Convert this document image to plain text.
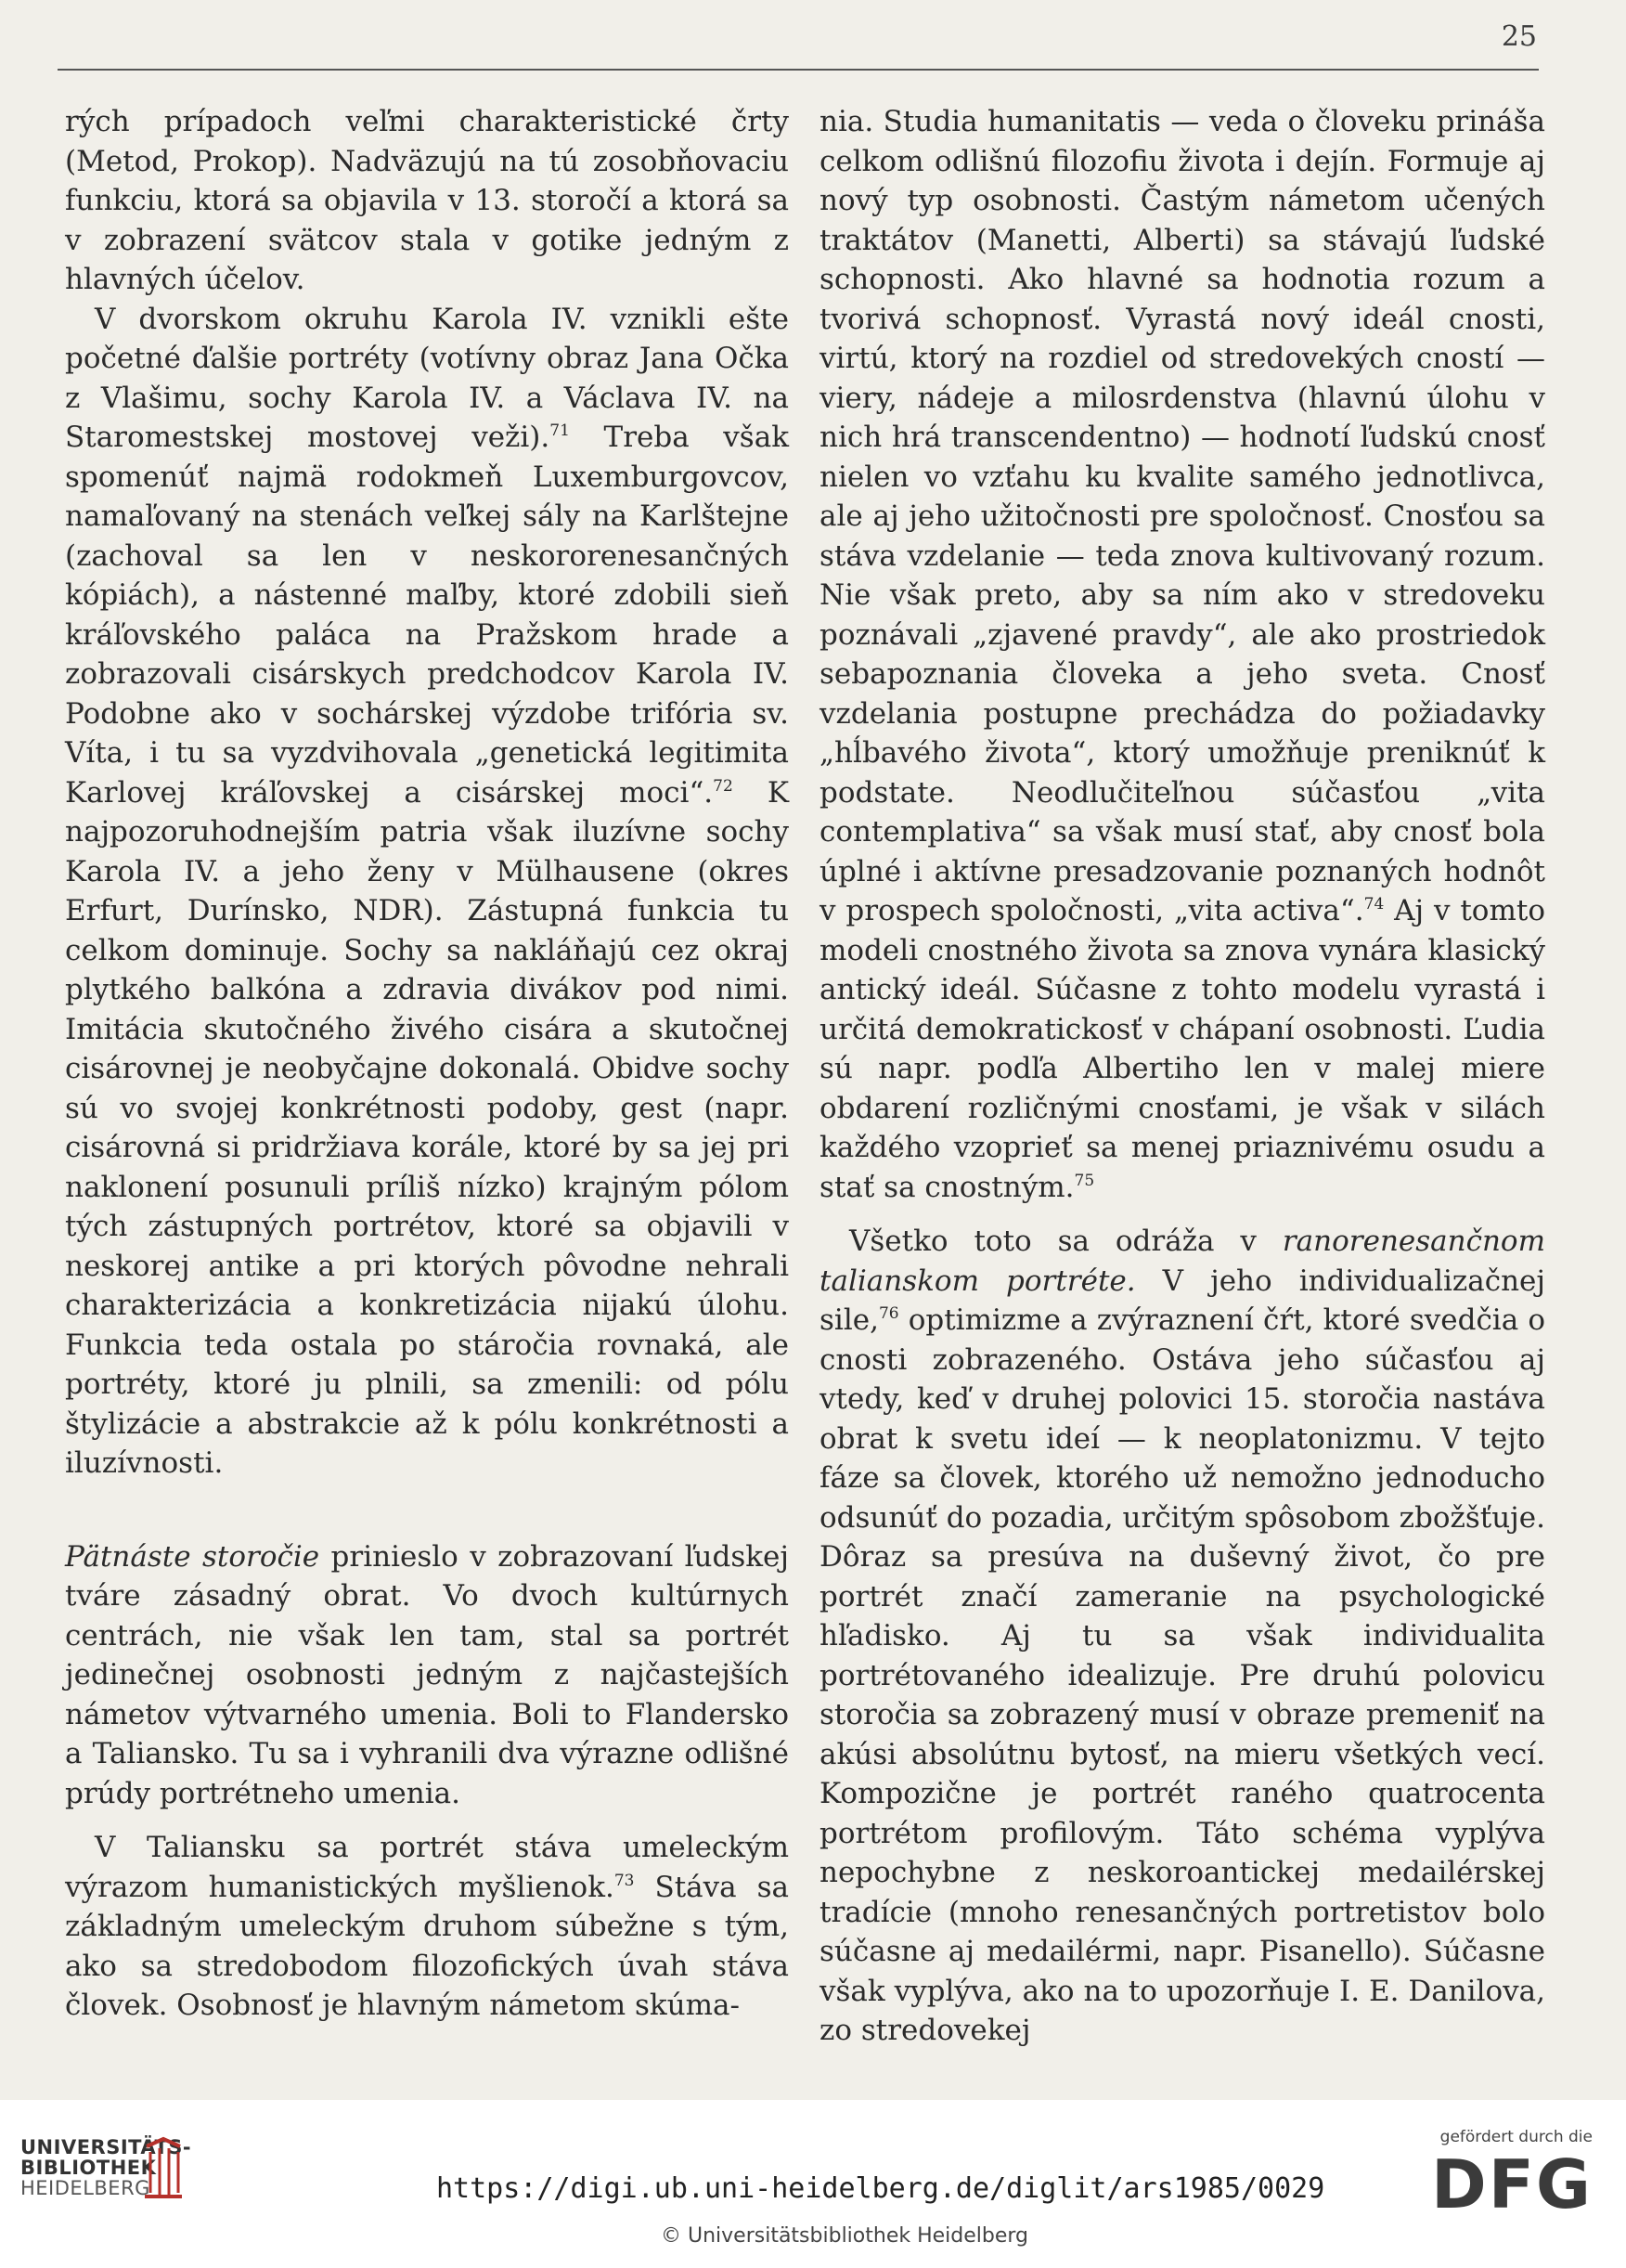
25

rých prípadoch veľmi charakteristické črty (Metod, Prokop). Nadväzujú na tú zosobňovaciu funkciu, ktorá sa objavila v 13. storočí a ktorá sa v zobrazení svätcov stala v gotike jedným z hlavných účelov.

V dvorskom okruhu Karola IV. vznikli ešte početné ďalšie portréty (votívny obraz Jana Očka z Vlašimu, sochy Karola IV. a Václava IV. na Staromestskej mostovej veži).$^{71}$ Treba však spomenúť najmä rodokmeň Luxemburgovcov, namaľovaný na stenách veľkej sály na Karlštejne (zachoval sa len v neskororenesančných kópiách), a nástenné maľby, ktoré zdobili sieň kráľovského paláca na Pražskom hrade a zobrazovali cisárskych predchodcov Karola IV. Podobne ako v sochárskej výzdobe trifória sv. Víta, i tu sa vyzdvihovala „genetická legitimita Karlovej kráľovskej a cisárskej moci“.$^{72}$ K najpozoruhodnejším patria však iluzívne sochy Karola IV. a jeho ženy v Mülhausene (okres Erfurt, Durínsko, NDR). Zástupná funkcia tu celkom dominuje. Sochy sa nakláňajú cez okraj plytkého balkóna a zdravia divákov pod nimi. Imitácia skutočného živého cisára a skutočnej cisárovnej je neobyčajne dokonalá. Obidve sochy sú vo svojej konkrétnosti podoby, gest (napr. cisárovná si pridržiava korále, ktoré by sa jej pri naklonení posunuli príliš nízko) krajným pólom tých zástupných portrétov, ktoré sa objavili v neskorej antike a pri ktorých pôvodne nehrali charakterizácia a konkretizácia nijakú úlohu. Funkcia teda ostala po stáročia rovnaká, ale portréty, ktoré ju plnili, sa zmenili: od pólu štylizácie a abstrakcie až k pólu konkrétnosti a iluzívnosti.

Pätnáste storočie prinieslo v zobrazovaní ľudskej tváre zásadný obrat. Vo dvoch kultúrnych centrách, nie však len tam, stal sa portrét jedinečnej osobnosti jedným z najčastejších námetov výtvarného umenia. Boli to Flandersko a Taliansko. Tu sa i vyhranili dva výrazne odlišné prúdy portrétneho umenia.

V Taliansku sa portrét stáva umeleckým výrazom humanistických myšlienok.$^{73}$ Stáva sa základným umeleckým druhom súbežne s tým, ako sa stredobodom filozofických úvah stáva človek. Osobnosť je hlavným námetom skúma-

nia. Studia humanitatis — veda o človeku prináša celkom odlišnú filozofiu života i dejín. Formuje aj nový typ osobnosti. Častým námetom učených traktátov (Manetti, Alberti) sa stávajú ľudské schopnosti. Ako hlavné sa hodnotia rozum a tvorivá schopnosť. Vyrastá nový ideál cnosti, virtú, ktorý na rozdiel od stredovekých cností — viery, nádeje a milosrdenstva (hlavnú úlohu v nich hrá transcendentno) — hodnotí ľudskú cnosť nielen vo vzťahu ku kvalite samého jednotlivca, ale aj jeho užitočnosti pre spoločnosť. Cnosťou sa stáva vzdelanie — teda znova kultivovaný rozum. Nie však preto, aby sa ním ako v stredoveku poznávali „zjavené pravdy“, ale ako prostriedok sebapoznania človeka a jeho sveta. Cnosť vzdelania postupne prechádza do požiadavky „hĺbavého života“, ktorý umožňuje preniknúť k podstate. Neodlučiteľnou súčasťou „vita contemplativa“ sa však musí stať, aby cnosť bola úplné i aktívne presadzovanie poznaných hodnôt v prospech spoločnosti, „vita activa“.$^{74}$ Aj v tomto modeli cnostného života sa znova vynára klasický antický ideál. Súčasne z tohto modelu vyrastá i určitá demokratickosť v chápaní osobnosti. Ľudia sú napr. podľa Albertiho len v malej miere obdarení rozličnými cnosťami, je však v silách každého vzoprieť sa menej priaznivému osudu a stať sa cnostným.$^{75}$

Všetko toto sa odráža v ranorenesančnom talianskom portréte. V jeho individualizačnej sile,$^{76}$ optimizme a zvýraznení čŕt, ktoré svedčia o cnosti zobrazeného. Ostáva jeho súčasťou aj vtedy, keď v druhej polovici 15. storočia nastáva obrat k svetu ideí — k neoplatonizmu. V tejto fáze sa človek, ktorého už nemožno jednoducho odsunúť do pozadia, určitým spôsobom zbožšťuje. Dôraz sa presúva na duševný život, čo pre portrét značí zameranie na psychologické hľadisko. Aj tu sa však individualita portrétovaného idealizuje. Pre druhú polovicu storočia sa zobrazený musí v obraze premeniť na akúsi absolútnu bytosť, na mieru všetkých vecí. Kompozične je portrét raného quatrocenta portrétom profilovým. Táto schéma vyplýva nepochybne z neskoroantickej medailérskej tradície (mnoho renesančných portretistov bolo súčasne aj medailérmi, napr. Pisanello). Súčasne však vyplýva, ako na to upozorňuje I. E. Danilova, zo stredovekej

UNIVERSITÄTS-
BIBLIOTHEK
HEIDELBERG	https://digi.ub.uni-heidelberg.de/diglit/ars1985/0029
© Universitätsbibliothek Heidelberg
gefördert durch die
DFG
